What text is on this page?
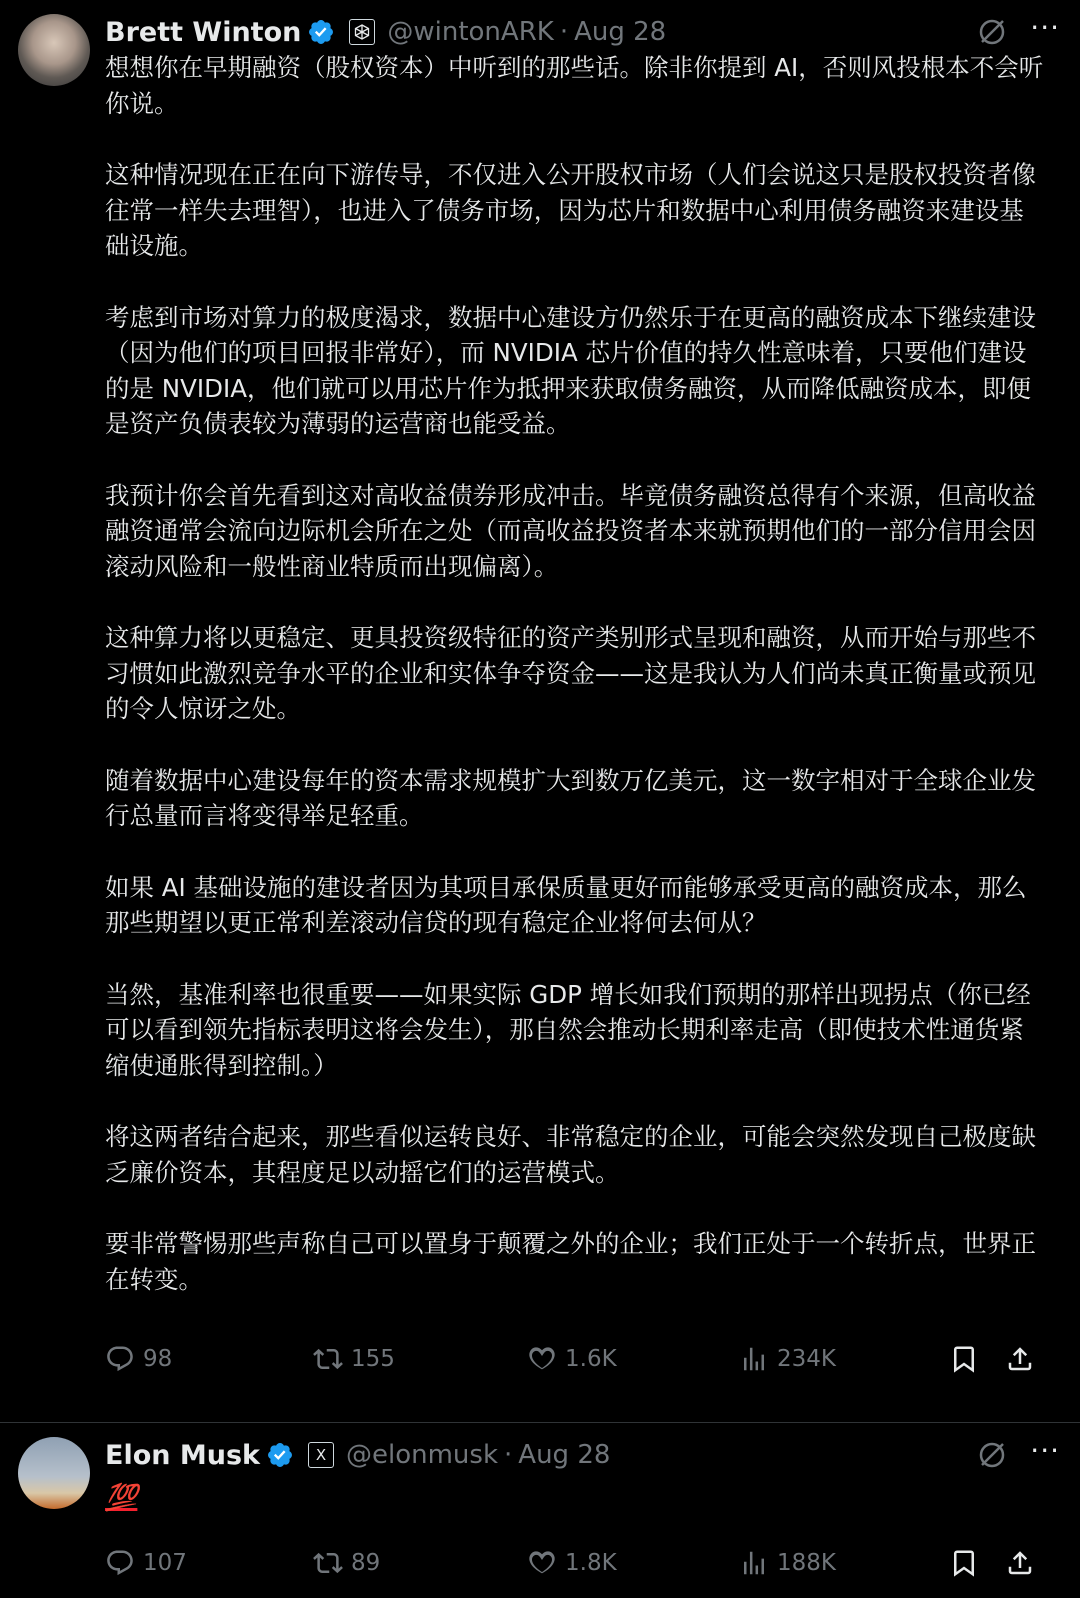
Brett Winton	@wintonARK · Aug 28	···

想想你在早期融资（股权资本）中听到的那些话。除非你提到 AI，否则风投根本不会听你说。

这种情况现在正在向下游传导，不仅进入公开股权市场（人们会说这只是股权投资者像往常一样失去理智），也进入了债务市场，因为芯片和数据中心利用债务融资来建设基础设施。

考虑到市场对算力的极度渴求，数据中心建设方仍然乐于在更高的融资成本下继续建设（因为他们的项目回报非常好），而 NVIDIA 芯片价值的持久性意味着，只要他们建设的是 NVIDIA，他们就可以用芯片作为抵押来获取债务融资，从而降低融资成本，即便是资产负债表较为薄弱的运营商也能受益。

我预计你会首先看到这对高收益债券形成冲击。毕竟债务融资总得有个来源，但高收益融资通常会流向边际机会所在之处（而高收益投资者本来就预期他们的一部分信用会因滚动风险和一般性商业特质而出现偏离）。

这种算力将以更稳定、更具投资级特征的资产类别形式呈现和融资，从而开始与那些不习惯如此激烈竞争水平的企业和实体争夺资金——这是我认为人们尚未真正衡量或预见的令人惊讶之处。

随着数据中心建设每年的资本需求规模扩大到数万亿美元，这一数字相对于全球企业发行总量而言将变得举足轻重。

如果 AI 基础设施的建设者因为其项目承保质量更好而能够承受更高的融资成本，那么那些期望以更正常利差滚动信贷的现有稳定企业将何去何从？

当然，基准利率也很重要——如果实际 GDP 增长如我们预期的那样出现拐点（你已经可以看到领先指标表明这将会发生），那自然会推动长期利率走高（即使技术性通货紧缩使通胀得到控制。）

将这两者结合起来，那些看似运转良好、非常稳定的企业，可能会突然发现自己极度缺乏廉价资本，其程度足以动摇它们的运营模式。

要非常警惕那些声称自己可以置身于颠覆之外的企业；我们正处于一个转折点，世界正在转变。

98	155	1.6K	234K
Elon Musk	X @elonmusk · Aug 28	···
💯
107	89	1.8K	188K
